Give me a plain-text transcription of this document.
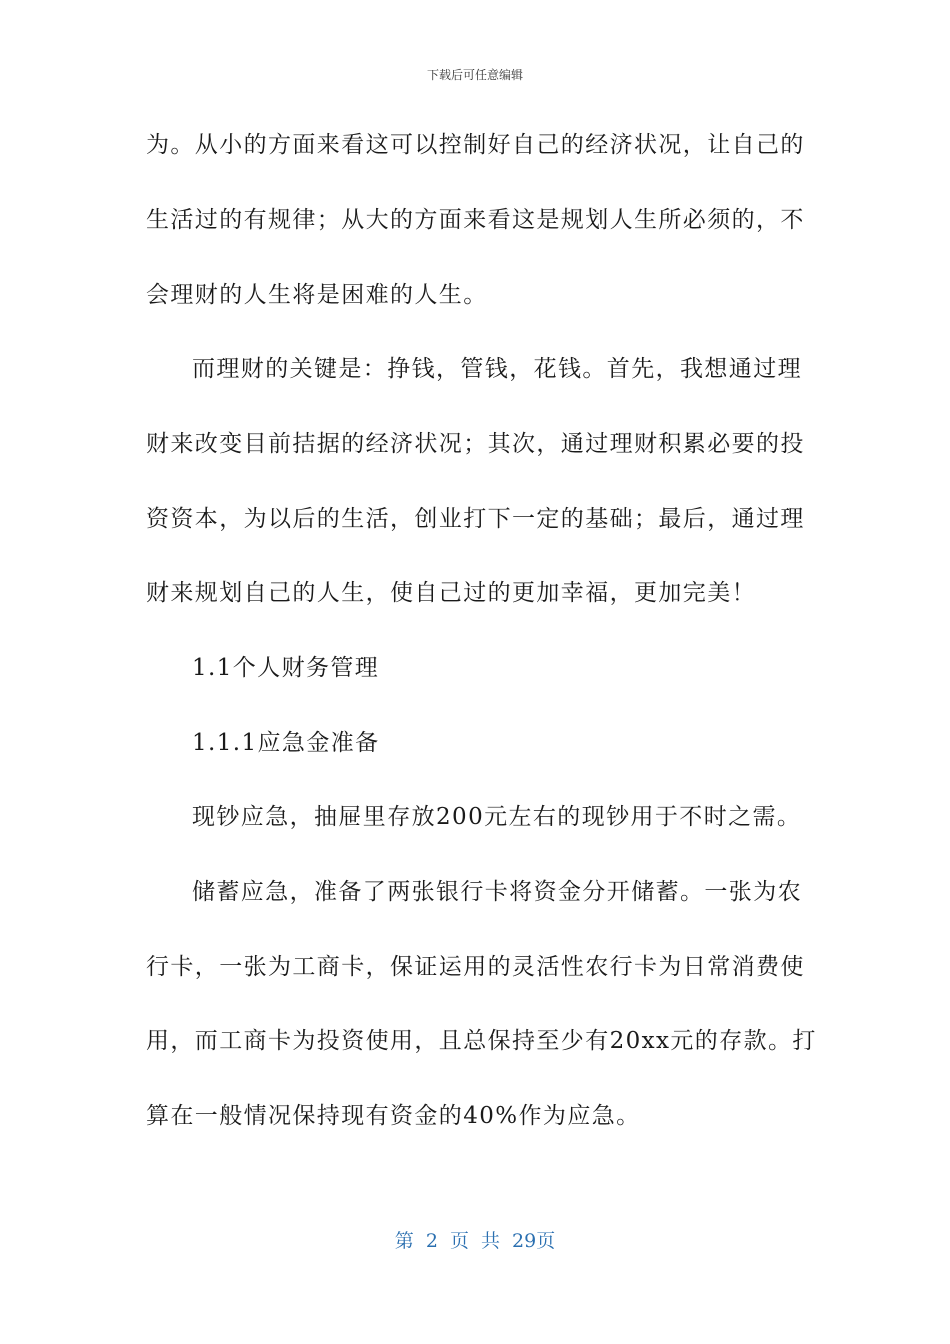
下载后可任意编辑
为。从小的方面来看这可以控制好自己的经济状况，让自己的
生活过的有规律；从大的方面来看这是规划人生所必须的，不
会理财的人生将是困难的人生。
而理财的关键是：挣钱，管钱，花钱。首先，我想通过理
财来改变目前拮据的经济状况；其次，通过理财积累必要的投
资资本，为以后的生活，创业打下一定的基础；最后，通过理
财来规划自己的人生，使自己过的更加幸福，更加完美！
1.1个人财务管理
1.1.1应急金准备
现钞应急，抽屉里存放200元左右的现钞用于不时之需。
储蓄应急，准备了两张银行卡将资金分开储蓄。一张为农
行卡，一张为工商卡，保证运用的灵活性农行卡为日常消费使
用，而工商卡为投资使用，且总保持至少有20xx元的存款。打
算在一般情况保持现有资金的40%作为应急。
第 2 页 共 29页
